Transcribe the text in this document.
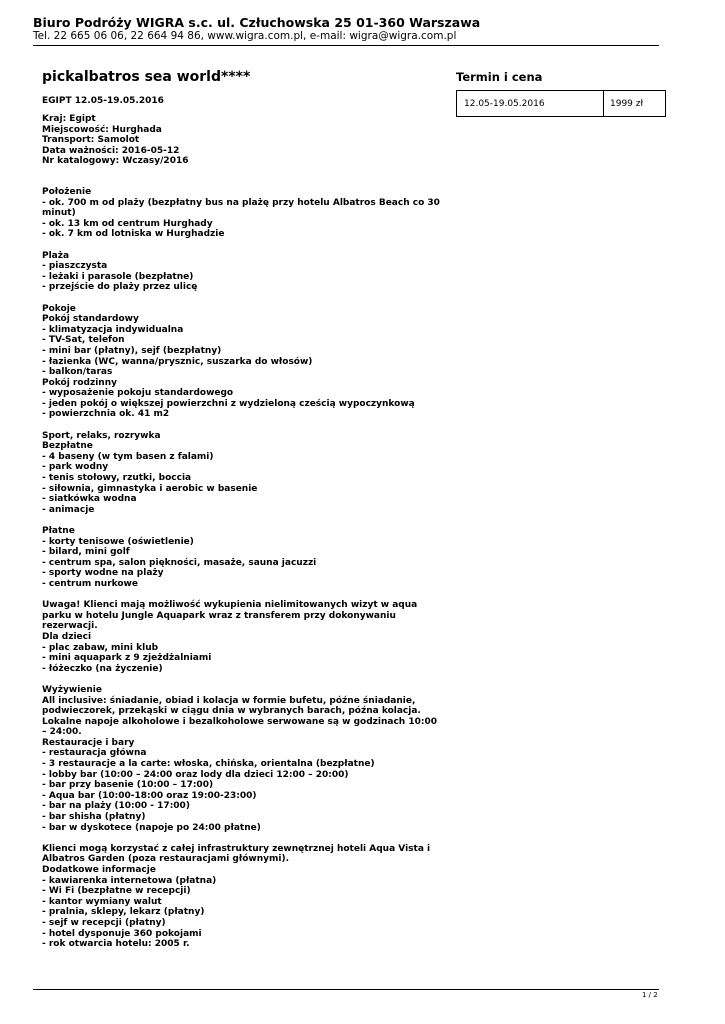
Biuro Podróży WIGRA s.c. ul. Człuchowska 25 01-360 Warszawa
Tel. 22 665 06 06, 22 664 94 86, www.wigra.com.pl, e-mail: wigra@wigra.com.pl
pickalbatros sea world****
EGIPT 12.05-19.05.2016
Kraj: Egipt
Miejscowość: Hurghada
Transport: Samolot
Data ważności: 2016-05-12
Nr katalogowy: Wczasy/2016
Położenie
- ok. 700 m od plaży (bezpłatny bus na plażę przy hotelu Albatros Beach co 30 minut)
- ok. 13 km od centrum Hurghady
- ok. 7 km od lotniska w Hurghadzie
Plaża
- piaszczysta
- leżaki i parasole (bezpłatne)
- przejście do plaży przez ulicę
Pokoje
Pokój standardowy
- klimatyzacja indywidualna
- TV-Sat, telefon
- mini bar (płatny), sejf (bezpłatny)
- łazienka (WC, wanna/prysznic, suszarka do włosów)
- balkon/taras
Pokój rodzinny
- wyposażenie pokoju standardowego
- jeden pokój o większej powierzchni z wydzieloną cześcią wypoczynkową
- powierzchnia ok. 41 m2
Sport, relaks, rozrywka
Bezpłatne
- 4 baseny (w tym basen z falami)
- park wodny
- tenis stołowy, rzutki, boccia
- siłownia, gimnastyka i aerobic w basenie
- siatkówka wodna
- animacje
Płatne
- korty tenisowe (oświetlenie)
- bilard, mini golf
- centrum spa, salon piękności, masaże, sauna jacuzzi
- sporty wodne na plaży
- centrum nurkowe
Uwaga! Klienci mają możliwość wykupienia nielimitowanych wizyt w aqua parku w hotelu Jungle Aquapark wraz z transferem przy dokonywaniu rezerwacji.
Dla dzieci
- plac zabaw, mini klub
- mini aquapark z 9 zjeżdżalniami
- łóżeczko (na życzenie)
Wyżywienie
All inclusive: śniadanie, obiad i kolacja w formie bufetu, późne śniadanie, podwieczorek, przekąski w ciągu dnia w wybranych barach, późna kolacja. Lokalne napoje alkoholowe i bezalkoholowe serwowane są w godzinach 10:00 – 24:00.
Restauracje i bary
- restauracja główna
- 3 restauracje a la carte: włoska, chińska, orientalna (bezpłatne)
- lobby bar (10:00 – 24:00 oraz lody dla dzieci 12:00 – 20:00)
- bar przy basenie (10:00 – 17:00)
- Aqua bar (10:00-18:00 oraz 19:00-23:00)
- bar na plaży (10:00 - 17:00)
- bar shisha (płatny)
- bar w dyskotece (napoje po 24:00 płatne)
Klienci mogą korzystać z całej infrastruktury zewnętrznej hoteli Aqua Vista i Albatros Garden (poza restauracjami głównymi).
Dodatkowe informacje
- kawiarenka internetowa (płatna)
- Wi Fi (bezpłatne w recepcji)
- kantor wymiany walut
- pralnia, sklepy, lekarz (płatny)
- sejf w recepcji (płatny)
- hotel dysponuje 360 pokojami
- rok otwarcia hotelu: 2005 r.
Termin i cena
12.05-19.05.2016	1999 zł
1 / 2
